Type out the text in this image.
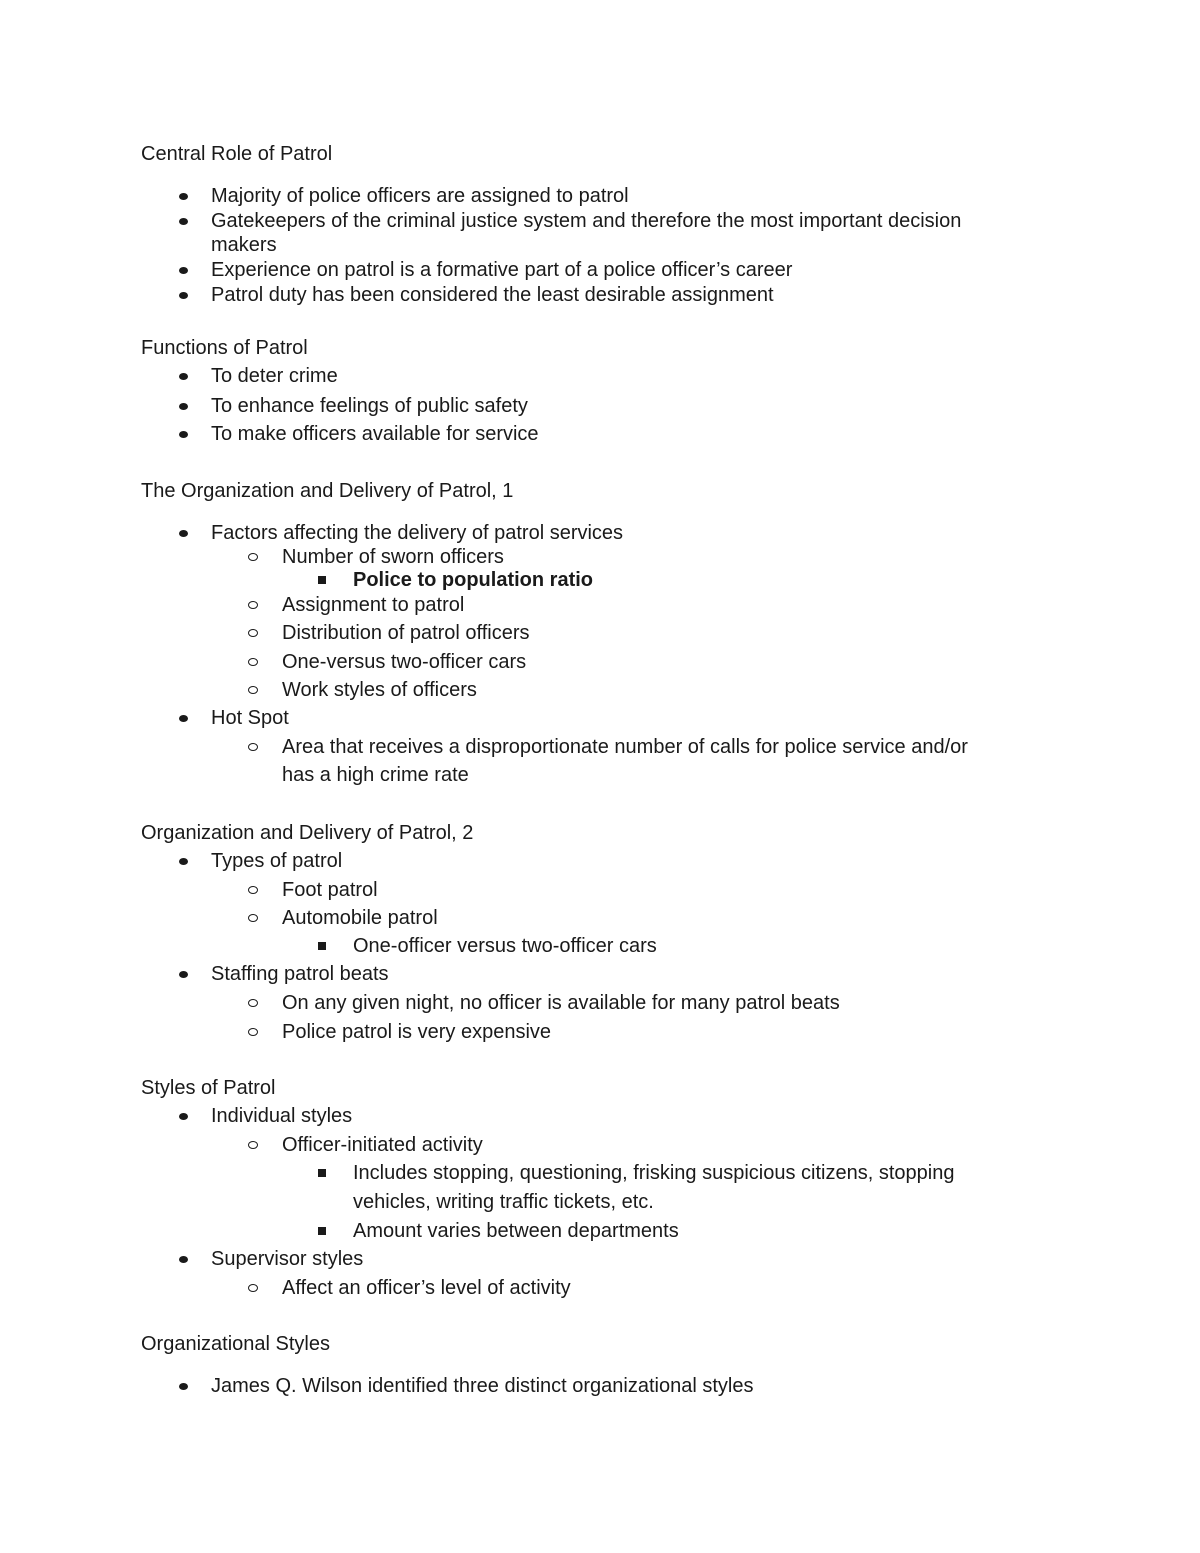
Central Role of Patrol
Majority of police officers are assigned to patrol
Gatekeepers of the criminal justice system and therefore the most important decision
makers
Experience on patrol is a formative part of a police officer’s career
Patrol duty has been considered the least desirable assignment
Functions of Patrol
To deter crime
To enhance feelings of public safety
To make officers available for service
The Organization and Delivery of Patrol, 1
Factors affecting the delivery of patrol services
Number of sworn officers
Police to population ratio
Assignment to patrol
Distribution of patrol officers
One-versus two-officer cars
Work styles of officers
Hot Spot
Area that receives a disproportionate number of calls for police service and/or
has a high crime rate
Organization and Delivery of Patrol, 2
Types of patrol
Foot patrol
Automobile patrol
One-officer versus two-officer cars
Staffing patrol beats
On any given night, no officer is available for many patrol beats
Police patrol is very expensive
Styles of Patrol
Individual styles
Officer-initiated activity
Includes stopping, questioning, frisking suspicious citizens, stopping
vehicles, writing traffic tickets, etc.
Amount varies between departments
Supervisor styles
Affect an officer’s level of activity
Organizational Styles
James Q. Wilson identified three distinct organizational styles
